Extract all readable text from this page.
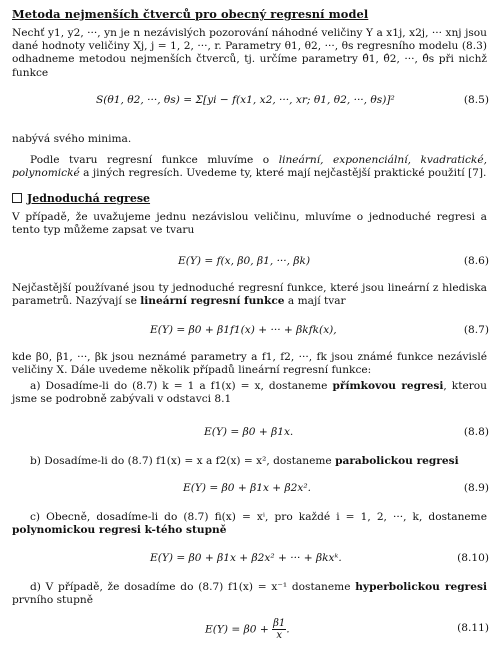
Metoda nejmenších čtverců pro obecný regresní model
Nechť y1, y2, ···, yn je n nezávislých pozorování náhodné veličiny Y a x1j, x2j, ··· xnj jsou dané hodnoty veličiny Xj, j = 1, 2, ···, r. Parametry θ1, θ2, ···, θs regresního modelu (8.3) odhadneme metodou nejmenších čtverců, tj. určíme parametry θ̂1, θ̂2, ···, θ̂s při nichž funkce
S(θ1, θ2, ···, θs) = Σ[yi − f(x1, x2, ···, xr; θ1, θ2, ···, θs)]²	(8.5)
nabývá svého minima.
Podle tvaru regresní funkce mluvíme o lineární, exponenciální, kvadratické, polynomické a jiných regresích. Uvedeme ty, které mají nejčastější praktické použití [7].
Jednoduchá regrese
V případě, že uvažujeme jednu nezávislou veličinu, mluvíme o jednoduché regresi a tento typ můžeme zapsat ve tvaru
E(Y) = f(x, β0, β1, ···, βk)	(8.6)
Nejčastější používané jsou ty jednoduché regresní funkce, které jsou lineární z hlediska parametrů. Nazývají se lineární regresní funkce a mají tvar
E(Y) = β0 + β1f1(x) + ··· + βkfk(x),	(8.7)
kde β0, β1, ···, βk jsou neznámé parametry a f1, f2, ···, fk jsou známé funkce nezávislé veličiny X. Dále uvedeme několik případů lineární regresní funkce:
a) Dosadíme-li do (8.7) k = 1 a f1(x) = x, dostaneme přímkovou regresi, kterou jsme se podrobně zabývali v odstavci 8.1
E(Y) = β0 + β1x.	(8.8)
b) Dosadíme-li do (8.7) f1(x) = x a f2(x) = x², dostaneme parabolickou regresi
E(Y) = β0 + β1x + β2x².	(8.9)
c) Obecně, dosadíme-li do (8.7) fi(x) = xⁱ, pro každé i = 1, 2, ···, k, dostaneme polynomickou regresi k-tého stupně
E(Y) = β0 + β1x + β2x² + ··· + βkxᵏ.	(8.10)
d) V případě, že dosadíme do (8.7) f1(x) = x⁻¹ dostaneme hyperbolickou regresi prvního stupně
$E(Y) = \beta 0 + \frac{\beta 1}{x}$ .	(8.11)
